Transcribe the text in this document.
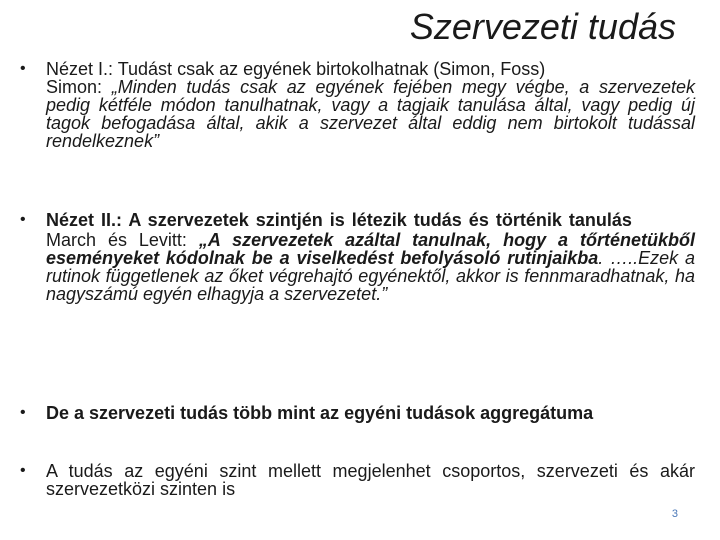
Szervezeti tudás
• Nézet I.: Tudást csak az egyének birtokolhatnak (Simon, Foss)
Simon: „Minden tudás csak az egyének fejében megy végbe, a szervezetek pedig kétféle módon tanulhatnak, vagy a tagjaik tanulása által, vagy pedig új tagok befogadása által, akik a szervezet által eddig nem birtokolt tudással rendelkeznek”
• Nézet II.: A szervezetek szintjén is létezik tudás és történik tanulás
March és Levitt: „A szervezetek azáltal tanulnak, hogy a tőrténetükből eseményeket kódolnak be a viselkedést befolyásoló rutinjaikba. …..Ezek a rutinok függetlenek az őket végrehajtó egyénektől, akkor is fennmaradhatnak, ha nagyszámú egyén elhagyja a szervezetet.”
• De a szervezeti tudás több mint az egyéni tudások aggregátuma
• A tudás az egyéni szint mellett megjelenhet csoportos, szervezeti és akár szervezetközi szinten is
3
